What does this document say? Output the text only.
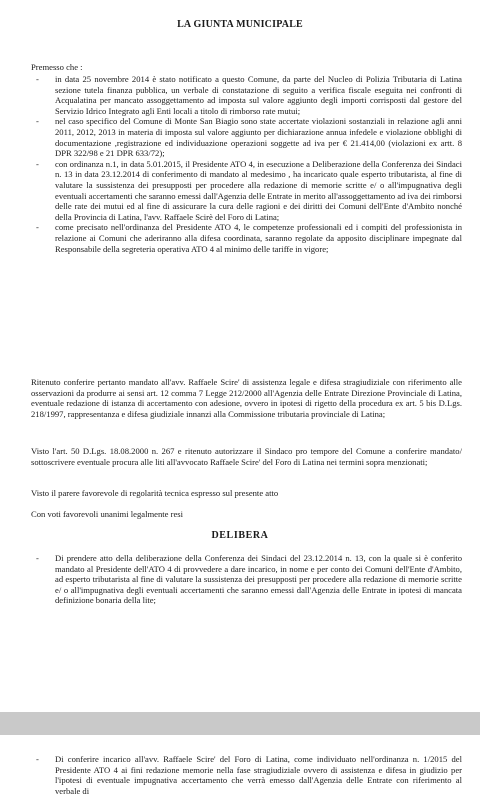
LA GIUNTA MUNICIPALE
Premesso che :
- in data 25 novembre 2014 è stato notificato a questo Comune, da parte del Nucleo di Polizia Tributaria di Latina sezione tutela finanza pubblica, un verbale di constatazione di seguito a verifica fiscale eseguita nei confronti di Acqualatina per mancato assoggettamento ad imposta sul valore aggiunto degli importi corrisposti dal gestore del Servizio Idrico Integrato agli Enti locali a titolo di rimborso rate mutui;
- nel caso specifico del Comune di Monte San Biagio sono state accertate violazioni sostanziali in relazione agli anni 2011, 2012, 2013 in materia di imposta sul valore aggiunto per dichiarazione annua infedele e violazione obblighi di documentazione ,registrazione ed individuazione operazioni soggette ad iva per € 21.414,00 (violazioni ex artt. 8 DPR 322/98 e 21 DPR 633/72);
- con ordinanza n.1, in data 5.01.2015, il Presidente ATO 4, in esecuzione a Deliberazione della Conferenza dei Sindaci n. 13 in data 23.12.2014 di conferimento di mandato al medesimo , ha incaricato quale esperto tributarista, al fine di valutare la sussistenza dei presupposti per procedere alla redazione di memorie scritte e/ o all'impugnativa degli eventuali accertamenti che saranno emessi dall'Agenzia delle Entrate in merito all'assoggettamento ad iva dei rimborsi delle rate dei mutui ed al fine di assicurare la cura delle ragioni e dei diritti dei Comuni dell'Ente d'Ambito nonché della Provincia di Latina, l'avv. Raffaele Scirè del Foro di Latina;
- come precisato nell'ordinanza del Presidente ATO 4, le competenze professionali ed i compiti del professionista in relazione ai Comuni che aderiranno alla difesa coordinata, saranno regolate da apposito disciplinare impegnate dal Responsabile della segreteria operativa ATO 4 al minimo delle tariffe in vigore;
Ritenuto conferire pertanto mandato all'avv. Raffaele Scire' di assistenza legale e difesa stragiudiziale con riferimento alle osservazioni da produrre ai sensi art. 12 comma 7 Legge 212/2000 all'Agenzia delle Entrate Direzione Provinciale di Latina, eventuale redazione di istanza di accertamento con adesione, ovvero in ipotesi di rigetto della procedura ex art. 5 bis D.Lgs. 218/1997, rappresentanza e difesa giudiziale innanzi alla Commissione tributaria provinciale di Latina;
Visto l'art. 50 D.Lgs. 18.08.2000 n. 267 e ritenuto autorizzare il Sindaco pro tempore del Comune a conferire mandato/ sottoscrivere eventuale procura alle liti all'avvocato Raffaele Scire' del Foro di Latina nei termini sopra menzionati;
Visto il parere favorevole di regolarità tecnica espresso sul presente atto
Con voti favorevoli unanimi legalmente resi
DELIBERA
- Di prendere atto della deliberazione della Conferenza dei Sindaci del 23.12.2014 n. 13, con la quale si è conferito mandato al Presidente dell'ATO 4 di provvedere a dare incarico, in nome e per conto dei Comuni dell'Ente d'Ambito, ad esperto tributarista al fine di valutare la sussistenza dei presupposti per procedere alla redazione di memorie scritte e/ o all'impugnativa degli eventuali accertamenti che saranno emessi dall'Agenzia delle Entrate in ipotesi di mancata definizione bonaria della lite;
- Di conferire incarico all'avv. Raffaele Scire' del Foro di Latina, come individuato nell'ordinanza n. 1/2015 del Presidente ATO 4 ai fini redazione memorie nella fase stragiudiziale ovvero di assistenza e difesa in giudizio per l'ipotesi di eventuale impugnativa accertamento che verrà emesso dall'Agenzia delle Entrate con riferimento al verbale di
